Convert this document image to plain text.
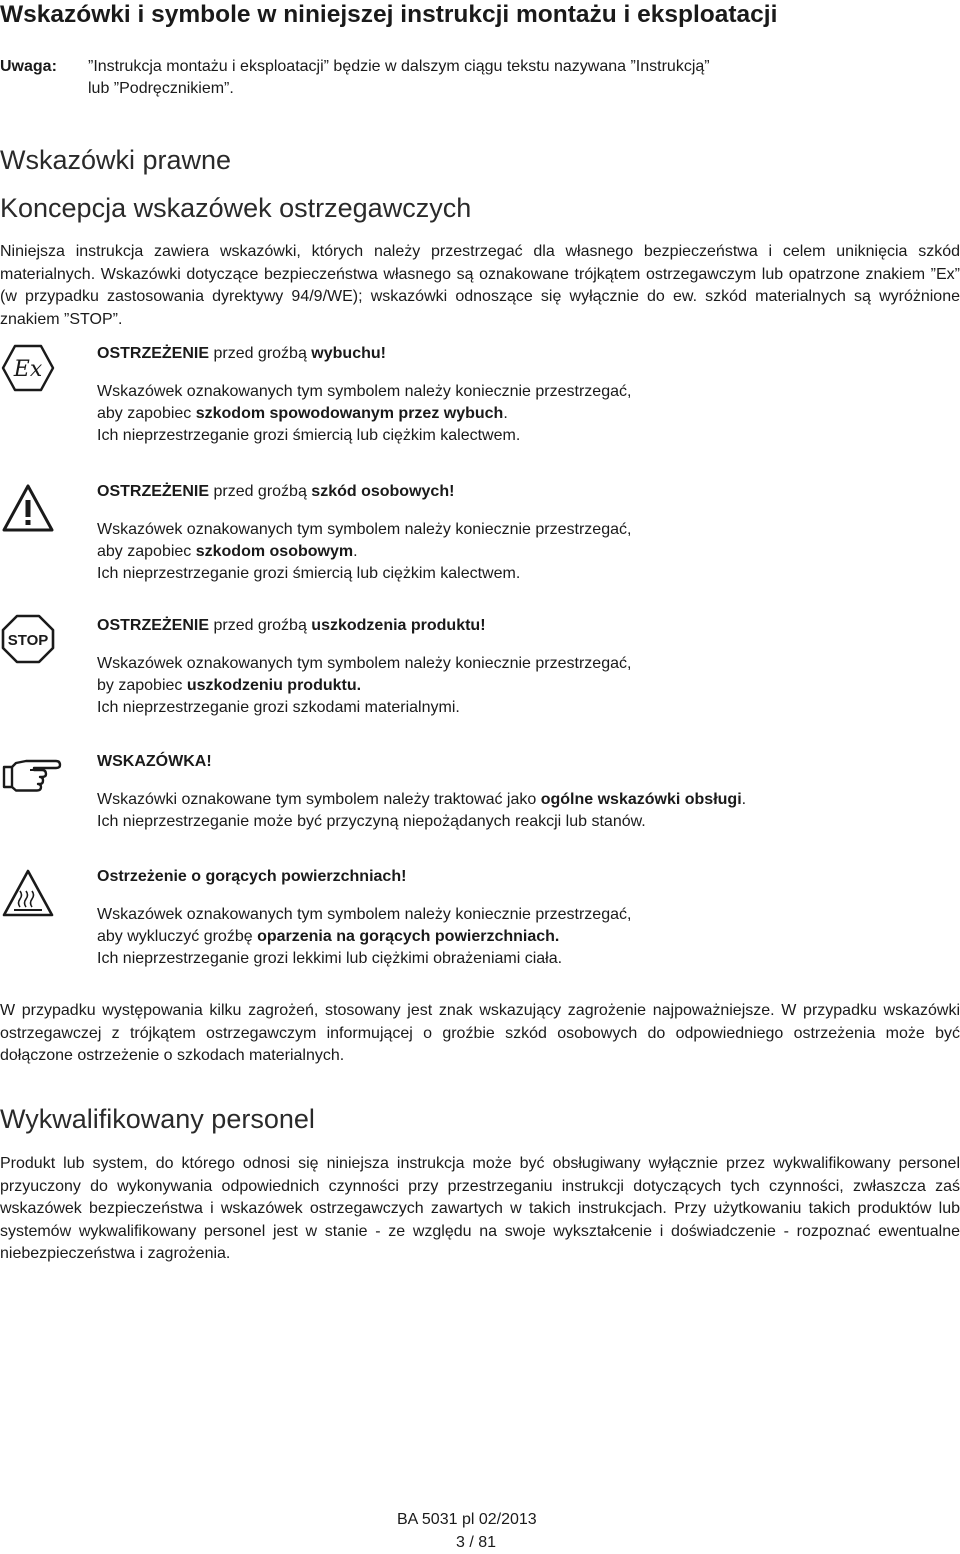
Wskazówki i symbole w niniejszej instrukcji montażu i eksploatacji
Uwaga: ”Instrukcja montażu i eksploatacji” będzie w dalszym ciągu tekstu nazywana ”Instrukcją”
lub ”Podręcznikiem”.
Wskazówki prawne
Koncepcja wskazówek ostrzegawczych

Niniejsza instrukcja zawiera wskazówki, których należy przestrzegać dla własnego bezpieczeństwa i celem uniknięcia szkód materialnych. Wskazówki dotyczące bezpieczeństwa własnego są oznakowane trójkątem ostrzegawczym lub opatrzone znakiem ”Ex” (w przypadku zastosowania dyrektywy 94/9/WE); wskazówki odnoszące się wyłącznie do ew. szkód materialnych są wyróżnione znakiem ”STOP”.

Ex

OSTRZEŻENIE przed groźbą wybuchu!

Wskazówek oznakowanych tym symbolem należy koniecznie przestrzegać,

aby zapobiec szkodom spowodowanym przez wybuch.

Ich nieprzestrzeganie grozi śmiercią lub ciężkim kalectwem.

OSTRZEŻENIE przed groźbą szkód osobowych!

Wskazówek oznakowanych tym symbolem należy koniecznie przestrzegać,

aby zapobiec szkodom osobowym.

Ich nieprzestrzeganie grozi śmiercią lub ciężkim kalectwem.

STOP

OSTRZEŻENIE przed groźbą uszkodzenia produktu!

Wskazówek oznakowanych tym symbolem należy koniecznie przestrzegać,

by zapobiec uszkodzeniu produktu.

Ich nieprzestrzeganie grozi szkodami materialnymi.

WSKAZÓWKA!

Wskazówki oznakowane tym symbolem należy traktować jako ogólne wskazówki obsługi.

Ich nieprzestrzeganie może być przyczyną niepożądanych reakcji lub stanów.

Ostrzeżenie o gorących powierzchniach!

Wskazówek oznakowanych tym symbolem należy koniecznie przestrzegać,

aby wykluczyć groźbę oparzenia na gorących powierzchniach.

Ich nieprzestrzeganie grozi lekkimi lub ciężkimi obrażeniami ciała.

W przypadku występowania kilku zagrożeń, stosowany jest znak wskazujący zagrożenie najpoważniejsze. W przypadku wskazówki ostrzegawczej z trójkątem ostrzegawczym informującej o groźbie szkód osobowych do odpowiedniego ostrzeżenia może być dołączone ostrzeżenie o szkodach materialnych.

Wykwalifikowany personel

Produkt lub system, do którego odnosi się niniejsza instrukcja może być obsługiwany wyłącznie przez wykwalifikowany personel przyuczony do wykonywania odpowiednich czynności przy przestrzeganiu instrukcji dotyczących tych czynności, zwłaszcza zaś wskazówek bezpieczeństwa i wskazówek ostrzegawczych zawartych w takich instrukcjach. Przy użytkowaniu takich produktów lub systemów wykwalifikowany personel jest w stanie - ze względu na swoje wykształcenie i doświadczenie - rozpoznać ewentualne niebezpieczeństwa i zagrożenia.

BA 5031 pl 02/2013
3 / 81
